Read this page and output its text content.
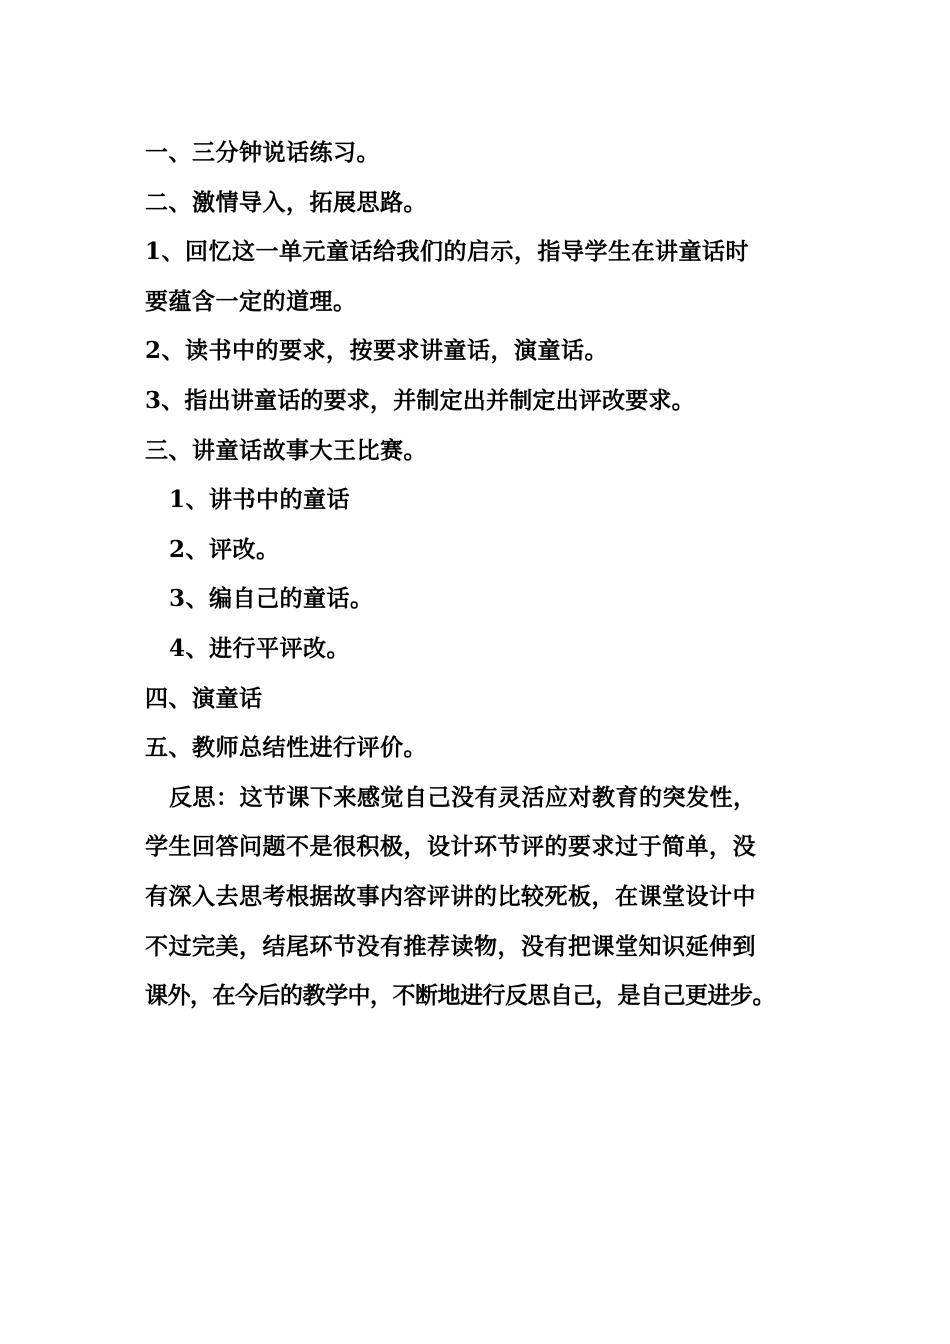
一、三分钟说话练习。
二、激情导入，拓展思路。
1、回忆这一单元童话给我们的启示，指导学生在讲童话时
要蕴含一定的道理。
2、读书中的要求，按要求讲童话，演童话。
3、指出讲童话的要求，并制定出并制定出评改要求。
三、讲童话故事大王比赛。
1、讲书中的童话
2、评改。
3、编自己的童话。
4、进行平评改。
四、演童话
五、教师总结性进行评价。
反思：这节课下来感觉自己没有灵活应对教育的突发性，
学生回答问题不是很积极，设计环节评的要求过于简单，没
有深入去思考根据故事内容评讲的比较死板，在课堂设计中
不过完美，结尾环节没有推荐读物，没有把课堂知识延伸到
课外，在今后的教学中，不断地进行反思自己，是自己更进步。
